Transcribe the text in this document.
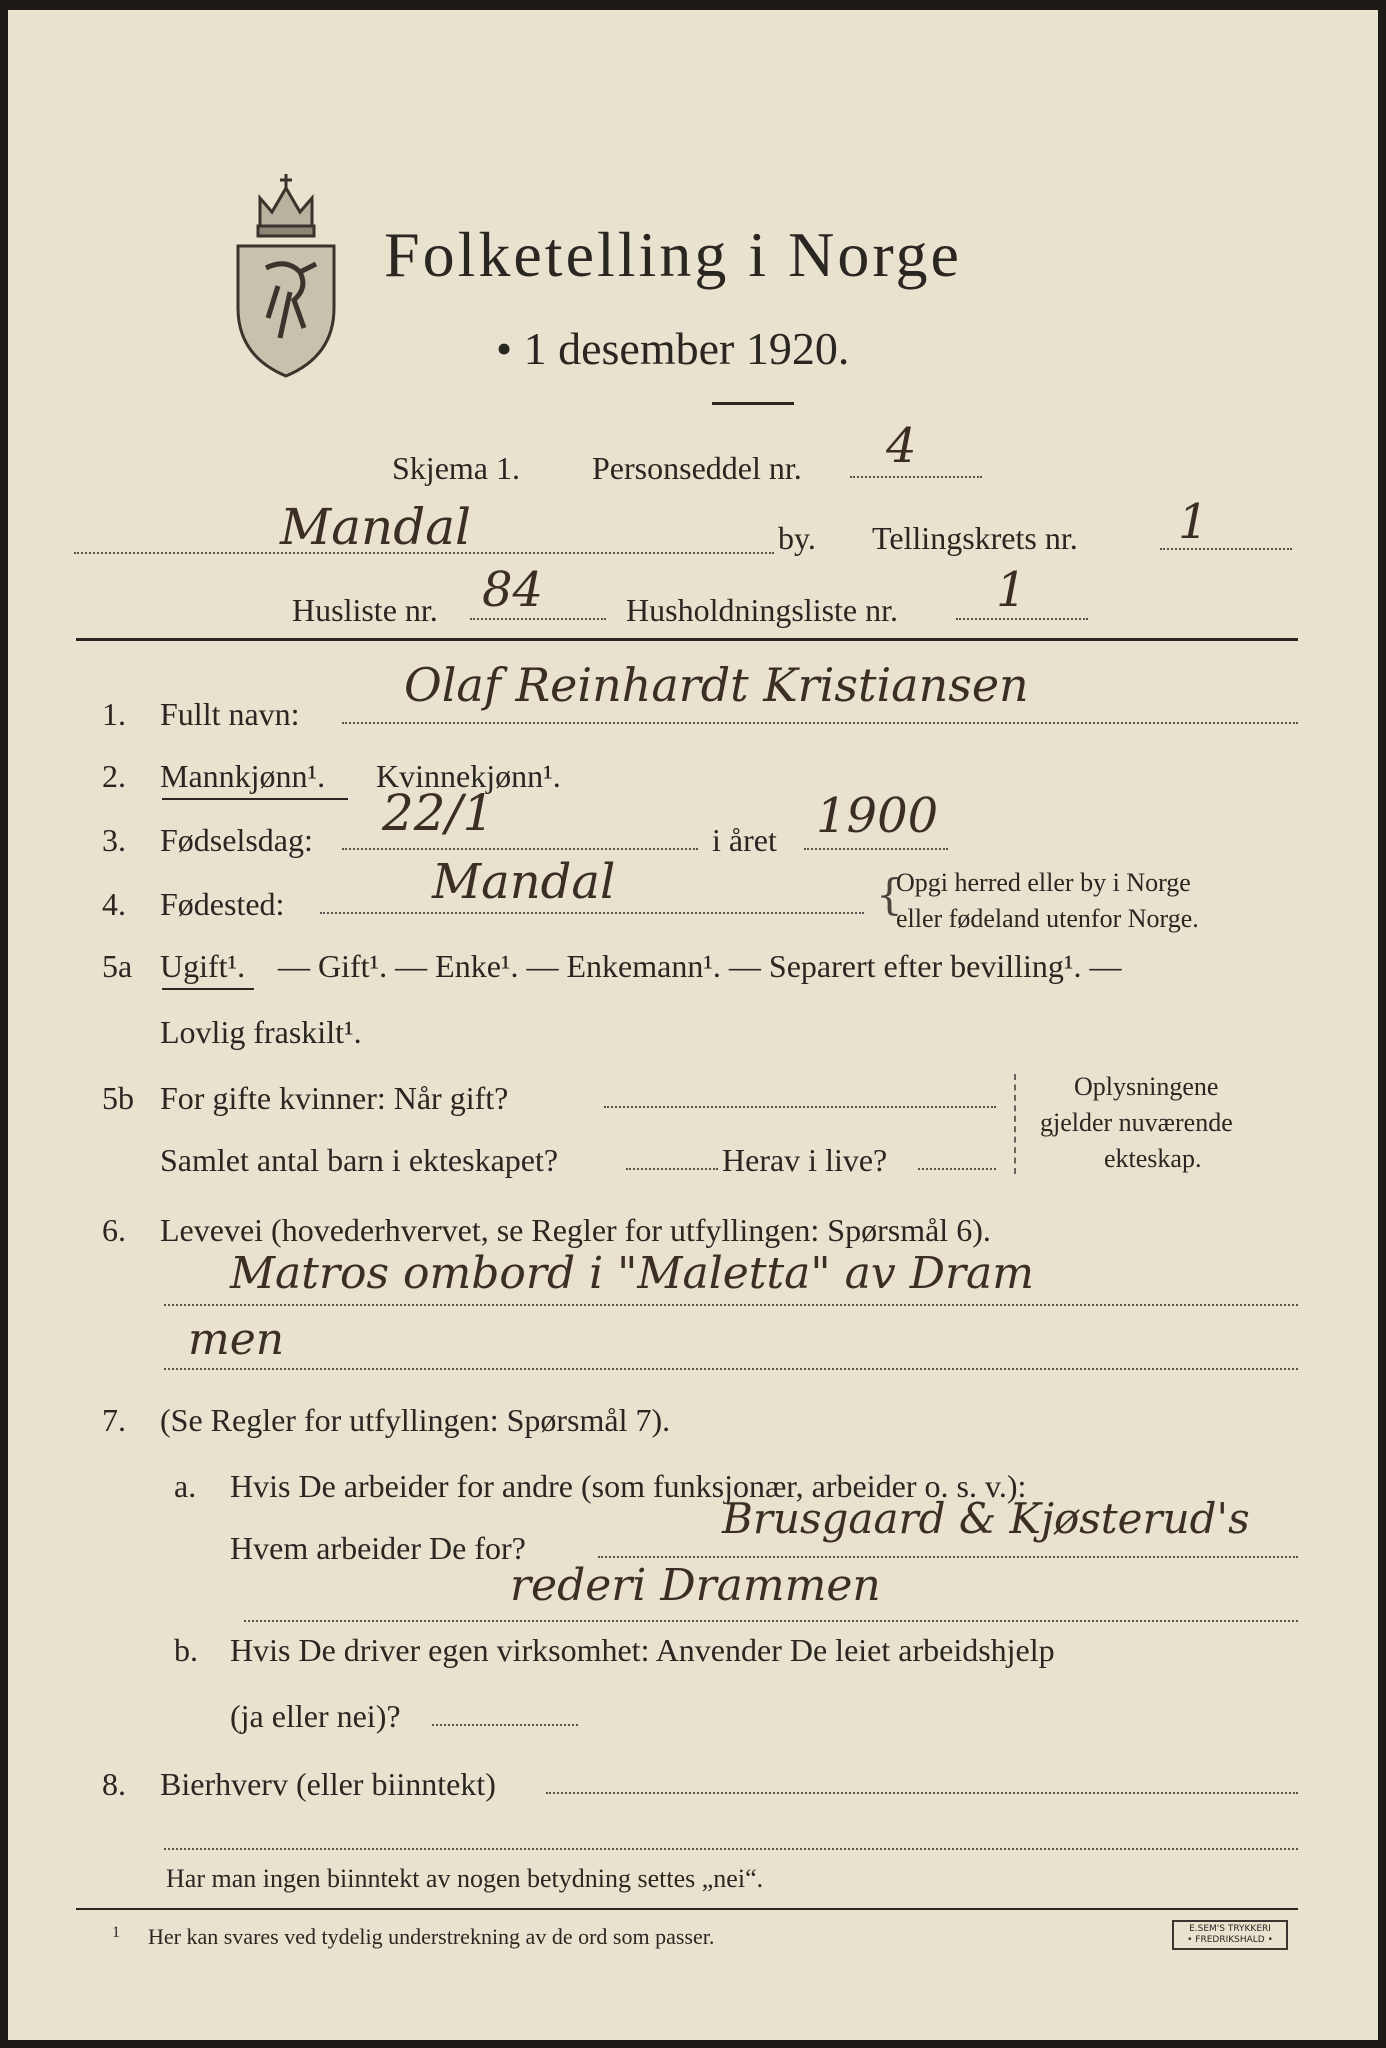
Folketelling i Norge
• 1 desember 1920.
Skjema 1. Personseddel nr. 4
Mandal	by. Tellingskrets nr. 1
Husliste nr. 84	Husholdningsliste nr. 1
1. Fullt navn:
Olaf Reinhardt Kristiansen
2. Mannkjønn¹. Kvinnekjønn¹.
3. Fødselsdag: 22/1	i året 1900
4. Fødested:	Mandal	{
Opgi herred eller by i Norge
eller fødeland utenfor Norge.
5a Ugift¹. — Gift¹. — Enke¹. — Enkemann¹. — Separert efter bevilling¹. —
Lovlig fraskilt¹.
5b For gifte kvinner: Når gift?
Samlet antal barn i ekteskapet?	Herav i live?
Oplysningene
gjelder nuværende
ekteskap.
6. Levevei (hovederhvervet, se Regler for utfyllingen: Spørsmål 6).
Matros ombord i "Maletta" av Dram
men
7. (Se Regler for utfyllingen: Spørsmål 7).
a. Hvis De arbeider for andre (som funksjonær, arbeider o. s. v.):
Hvem arbeider De for?
Brusgaard & Kjøsterud's
rederi Drammen
b. Hvis De driver egen virksomhet: Anvender De leiet arbeidshjelp
(ja eller nei)?
8. Bierhverv (eller biinntekt)
Har man ingen biinntekt av nogen betydning settes „nei“.
1 Her kan svares ved tydelig understrekning av de ord som passer.	E.SEM'S TRYKKERI
• FREDRIKSHALD •
